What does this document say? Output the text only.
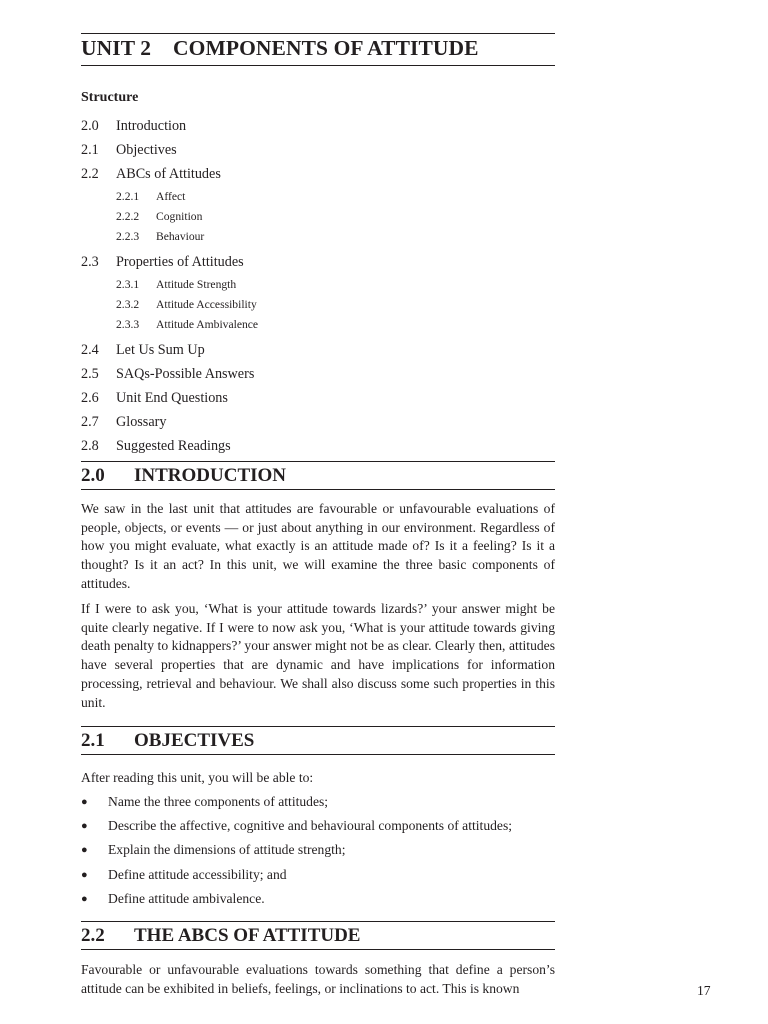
UNIT 2 COMPONENTS OF ATTITUDE
Structure
2.0 Introduction
2.1 Objectives
2.2 ABCs of Attitudes
2.2.1 Affect
2.2.2 Cognition
2.2.3 Behaviour
2.3 Properties of Attitudes
2.3.1 Attitude Strength
2.3.2 Attitude Accessibility
2.3.3 Attitude Ambivalence
2.4 Let Us Sum Up
2.5 SAQs-Possible Answers
2.6 Unit End Questions
2.7 Glossary
2.8 Suggested Readings
2.0 INTRODUCTION

We saw in the last unit that attitudes are favourable or unfavourable evaluations of people, objects, or events — or just about anything in our environment. Regardless of how you might evaluate, what exactly is an attitude made of? Is it a feeling? Is it a thought? Is it an act? In this unit, we will examine the three basic components of attitudes.

If I were to ask you, ‘What is your attitude towards lizards?’ your answer might be quite clearly negative. If I were to now ask you, ‘What is your attitude towards giving death penalty to kidnappers?’ your answer might not be as clear. Clearly then, attitudes have several properties that are dynamic and have implications for information processing, retrieval and behaviour. We shall also discuss some such properties in this unit.

2.1 OBJECTIVES
After reading this unit, you will be able to:
● Name the three components of attitudes;
● Describe the affective, cognitive and behavioural components of attitudes;
● Explain the dimensions of attitude strength;
● Define attitude accessibility; and
● Define attitude ambivalence.
2.2 THE ABCS OF ATTITUDE

Favourable or unfavourable evaluations towards something that define a person’s attitude can be exhibited in beliefs, feelings, or inclinations to act. This is known	17
